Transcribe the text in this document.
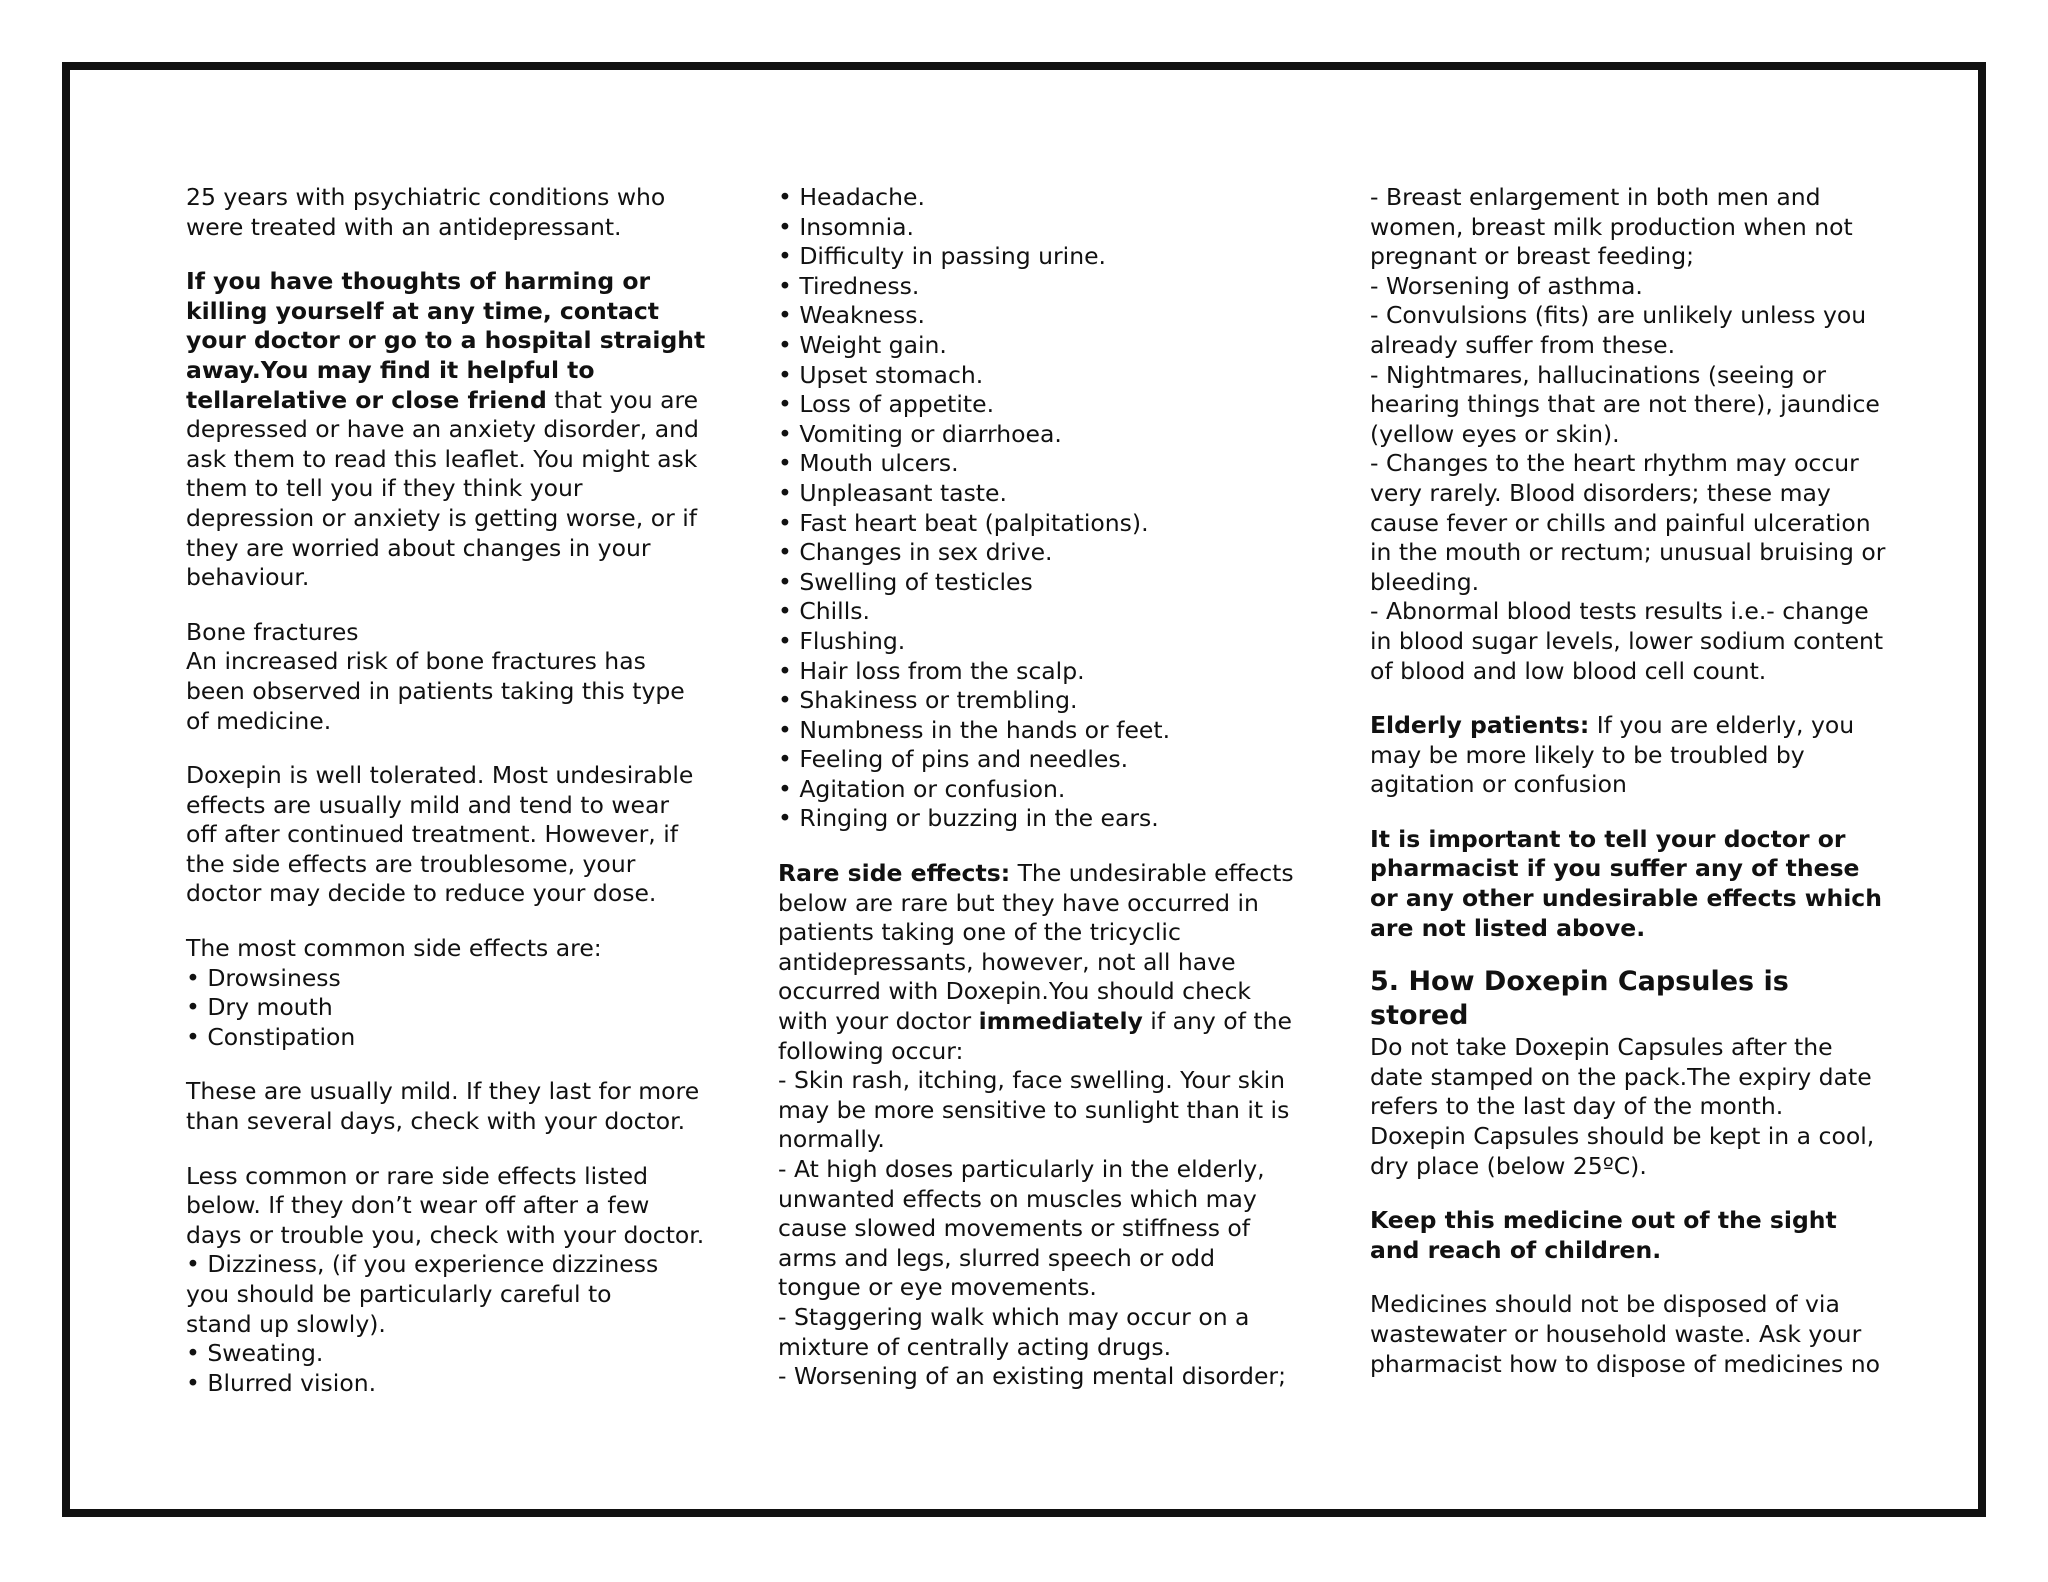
25 years with psychiatric conditions who were treated with an antidepressant.

If you have thoughts of harming or killing yourself at any time, contact your doctor or go to a hospital straight away.You may find it helpful to tellarelative or close friend that you are depressed or have an anxiety disorder, and ask them to read this leaflet. You might ask them to tell you if they think your depression or anxiety is getting worse, or if they are worried about changes in your behaviour.

Bone fractures
An increased risk of bone fractures has been observed in patients taking this type of medicine.

Doxepin is well tolerated. Most undesirable effects are usually mild and tend to wear off after continued treatment. However, if the side effects are troublesome, your doctor may decide to reduce your dose.

The most common side effects are:
• Drowsiness
• Dry mouth
• Constipation

These are usually mild. If they last for more than several days, check with your doctor.

Less common or rare side effects listed below. If they don’t wear off after a few days or trouble you, check with your doctor.
• Dizziness, (if you experience dizziness you should be particularly careful to
stand up slowly).
• Sweating.
• Blurred vision.

• Headache.
• Insomnia.
• Difficulty in passing urine.
• Tiredness.
• Weakness.
• Weight gain.
• Upset stomach.
• Loss of appetite.
• Vomiting or diarrhoea.
• Mouth ulcers.
• Unpleasant taste.
• Fast heart beat (palpitations).
• Changes in sex drive.
• Swelling of testicles
• Chills.
• Flushing.
• Hair loss from the scalp.
• Shakiness or trembling.
• Numbness in the hands or feet.
• Feeling of pins and needles.
• Agitation or confusion.
• Ringing or buzzing in the ears.

Rare side effects: The undesirable effects below are rare but they have occurred in patients taking one of the tricyclic antidepressants, however, not all have occurred with Doxepin.You should check with your doctor immediately if any of the following occur:
- Skin rash, itching, face swelling. Your skin may be more sensitive to sunlight than it is normally.
- At high doses particularly in the elderly, unwanted effects on muscles which may cause slowed movements or stiffness of arms and legs, slurred speech or odd tongue or eye movements.
- Staggering walk which may occur on a mixture of centrally acting drugs.
- Worsening of an existing mental disorder;

- Breast enlargement in both men and women, breast milk production when not pregnant or breast feeding;
- Worsening of asthma.
- Convulsions (fits) are unlikely unless you already suffer from these.
- Nightmares, hallucinations (seeing or hearing things that are not there), jaundice (yellow eyes or skin).
- Changes to the heart rhythm may occur very rarely. Blood disorders; these may cause fever or chills and painful ulceration in the mouth or rectum; unusual bruising or bleeding.
- Abnormal blood tests results i.e.- change in blood sugar levels, lower sodium content of blood and low blood cell count.

Elderly patients: If you are elderly, you may be more likely to be troubled by agitation or confusion

It is important to tell your doctor or pharmacist if you suffer any of these or any other undesirable effects which are not listed above.

5. How Doxepin Capsules is stored

Do not take Doxepin Capsules after the date stamped on the pack.The expiry date refers to the last day of the month.
Doxepin Capsules should be kept in a cool, dry place (below 25ºC).

Keep this medicine out of the sight and reach of children.

Medicines should not be disposed of via wastewater or household waste. Ask your pharmacist how to dispose of medicines no
